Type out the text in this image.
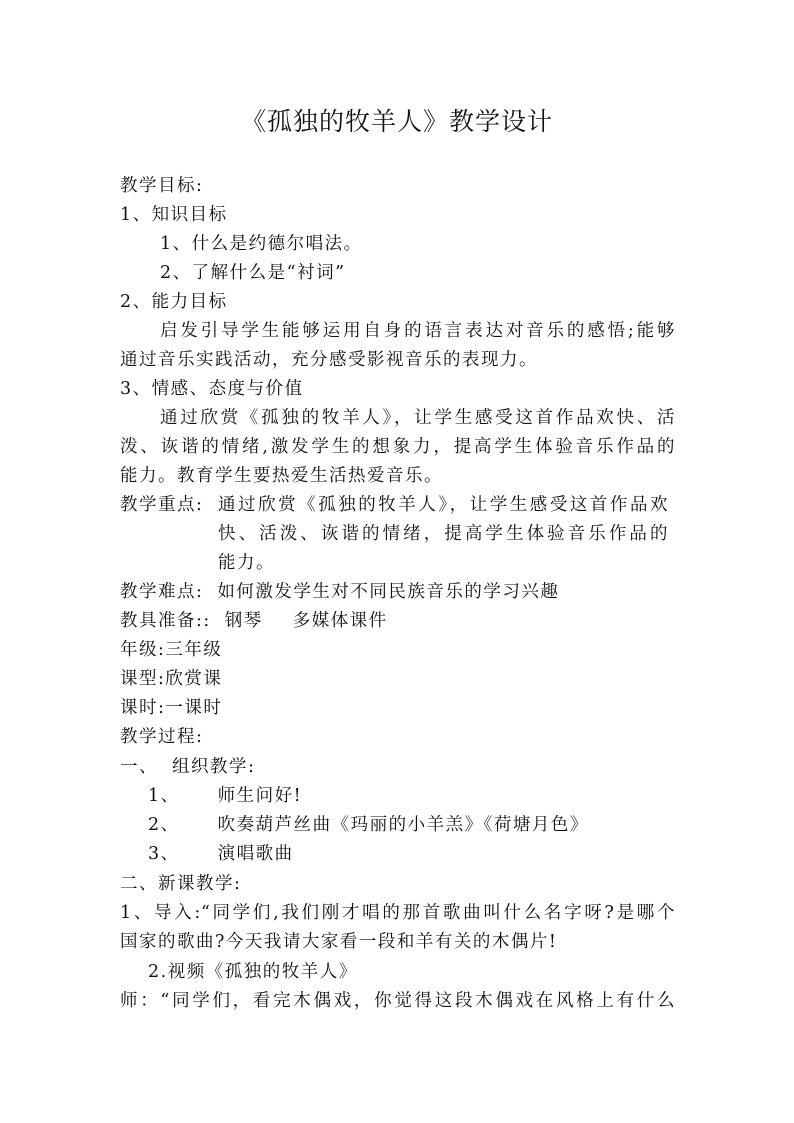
《孤独的牧羊人》教学设计
教学目标:
1、知识目标
1、什么是约德尔唱法。
2、了解什么是“衬词”
2、能力目标
启发引导学生能够运用自身的语言表达对音乐的感悟;能够
通过音乐实践活动，充分感受影视音乐的表现力。
3、情感、态度与价值
通过欣赏《孤独的牧羊人》，让学生感受这首作品欢快、活
泼、诙谐的情绪,激发学生的想象力，提高学生体验音乐作品的
能力。教育学生要热爱生活热爱音乐。
教学重点: 通过欣赏《孤独的牧羊人》，让学生感受这首作品欢
快、活泼、诙谐的情绪，提高学生体验音乐作品的
能力。
教学难点: 如何激发学生对不同民族音乐的学习兴趣
教具准备:: 钢琴 多媒体课件
年级:三年级
课型:欣赏课
课时:一课时
教学过程:
一、 组织教学:
1、 师生问好!
2、 吹奏葫芦丝曲《玛丽的小羊羔》《荷塘月色》
3、 演唱歌曲
二、新课教学:
1、导入:“同学们,我们刚才唱的那首歌曲叫什么名字呀?是哪个
国家的歌曲?今天我请大家看一段和羊有关的木偶片!
2.视频《孤独的牧羊人》
师：“同学们，看完木偶戏，你觉得这段木偶戏在风格上有什么
